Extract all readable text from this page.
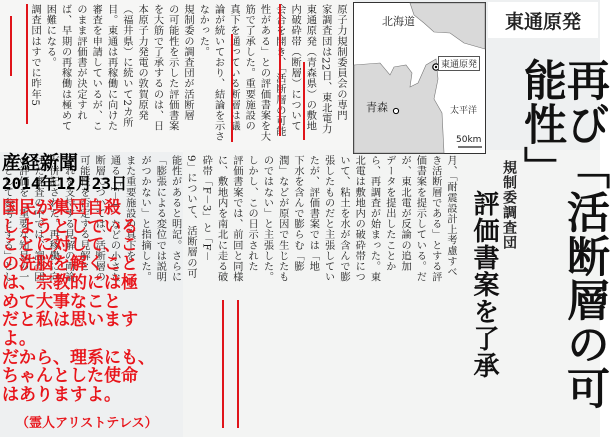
北海道
東通原発
青森	太平洋
50km
東通原発
再び「活断層の可能性」
規制委調査団
評価書案を了承
原子力規制委員会の専門
家調査団は22日、東北電力
東通原発（青森県）の敷地
内破砕帯（断層）について
会合を開き、「活断層の可能
性がある」との評価書案を大
筋で了承した。重要施設の
真下を通っている断層は議
論が続いており、結論を示さ
なかった。
規制委の調査団が活断層
の可能性を示した評価書案
を大筋で了承するのは、日
本原子力発電の敦賀原発
（福井県）に続いて2カ所
目。東通は再稼働に向けた
審査を申請しているが、こ
のまま評価書が決定すれ
ば、早期の再稼働は極めて
困難になる。
調査団はすでに昨年5
月、「耐震設計上考慮すべ
き活断層である」とする評
価書案を提示している。だ
が、東北電が反論の追加
データを提出したことか
ら、再調査が始まった。東
北電は敷地内の破砕帯につ
いて、粘土を水が含んで膨
張したものだと主張してい
たが、評価書案では「地
下水を含んで膨らむ「膨
潤」などが原因で生じたも
のではない」と主張した。
しかし、この日示された
評価書案では、前回と同様
に、敷地内を南北に走る破
砕帯「F－3」と「F－
9」について、活断層の可
能性があると明記。さらに
「膨張による変位では説明
がつかない」と指摘した。
また重要施設の真下を
通る「f－1」などの小さな
断層については、活断層の
可能性を否定する見解と
それを支持する見解の両論
が併記された。再稼働に向
けた審査の中では、調査団
の評価を「重要な知見の一
つとして参考とする」とし

産経新聞
2014年12月23日

国民が集団自殺

しようとしている

ことに対して、こ

の洗脳を解くこと

は、宗教的には極

めて大事なこと

だと私は思います

よ。

だから、理系にも、

ちゃんとした使命

はありますよ。

（霊人アリストテレス）
